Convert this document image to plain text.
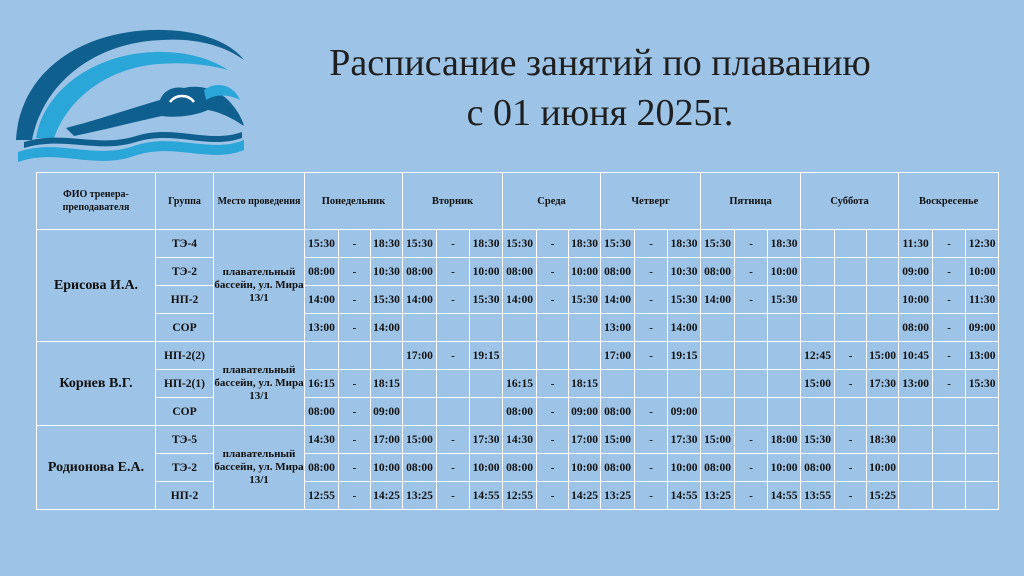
Расписание занятий по плаванию
с 01 июня 2025г.
ФИО тренера-преподавателя	Группа	Место проведения	Понедельник			Вторник			Среда			Четверг			Пятница			Суббота			Воскресенье		
Ерисова И.А.	ТЭ-4	плавательный бассейн, ул. Мира 13/1	15:30	-	18:30	15:30	-	18:30	15:30	-	18:30	15:30	-	18:30	15:30	-	18:30				11:30	-	12:30
	ТЭ-2		08:00	-	10:30	08:00	-	10:00	08:00	-	10:00	08:00	-	10:30	08:00	-	10:00				09:00	-	10:00
	НП-2		14:00	-	15:30	14:00	-	15:30	14:00	-	15:30	14:00	-	15:30	14:00	-	15:30				10:00	-	11:30
	СОР		13:00	-	14:00							13:00	-	14:00							08:00	-	09:00
Корнев В.Г.	НП-2(2)	плавательный бассейн, ул. Мира 13/1				17:00	-	19:15				17:00	-	19:15				12:45	-	15:00	10:45	-	13:00
	НП-2(1)		16:15	-	18:15				16:15	-	18:15							15:00	-	17:30	13:00	-	15:30
	СОР		08:00	-	09:00				08:00	-	09:00	08:00	-	09:00									
Родионова Е.А.	ТЭ-5	плавательный бассейн, ул. Мира 13/1	14:30	-	17:00	15:00	-	17:30	14:30	-	17:00	15:00	-	17:30	15:00	-	18:00	15:30	-	18:30			
	ТЭ-2		08:00	-	10:00	08:00	-	10:00	08:00	-	10:00	08:00	-	10:00	08:00	-	10:00	08:00	-	10:00			
	НП-2		12:55	-	14:25	13:25	-	14:55	12:55	-	14:25	13:25	-	14:55	13:25	-	14:55	13:55	-	15:25			
